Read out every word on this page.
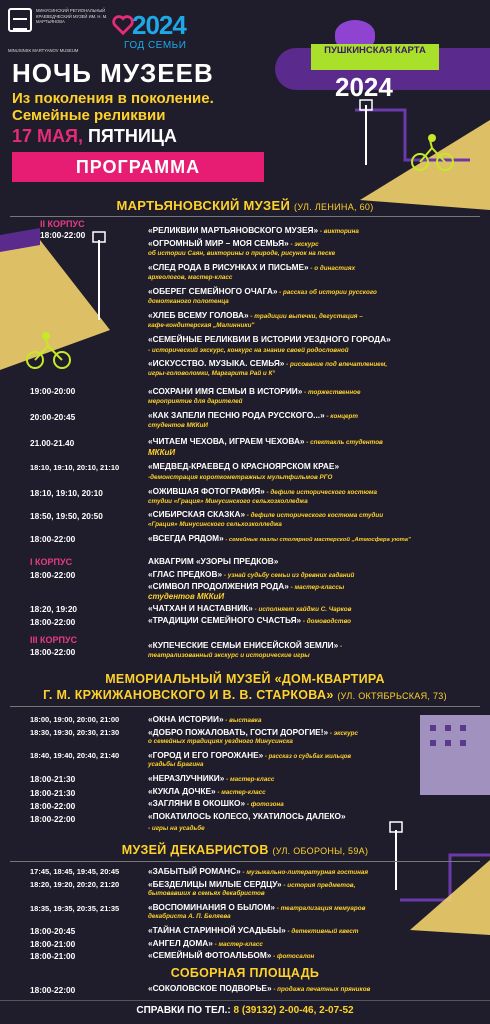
МИНУСИНСКИЙ РЕГИОНАЛЬНЫЙ КРАЕВЕДЧЕСКИЙ МУЗЕЙ ИМ. Н. М. МАРТЬЯНОВА
MINUSINSK MARTYANOV MUSEUM
2024
ГОД СЕМЬИ	ПУШКИНСКАЯ КАРТА
2024
НОЧЬ МУЗЕЕВ
Из поколения в поколение. Семейные реликвии
17 МАЯ, ПЯТНИЦА
ПРОГРАММА
МАРТЬЯНОВСКИЙ МУЗЕЙ (УЛ. ЛЕНИНА, 60)
II КОРПУС
18:00-22:00	«РЕЛИКВИИ МАРТЬЯНОВСКОГО МУЗЕЯ» - викторина
«ОГРОМНЫЙ МИР – МОЯ СЕМЬЯ» - экскурс
об истории Саян, викторины о природе, рисунок на песке
«СЛЕД РОДА В РИСУНКАХ И ПИСЬМЕ» - о династиях
археологов, мастер-класс
«ОБЕРЕГ СЕМЕЙНОГО ОЧАГА» - рассказ об истории русского
домотканого полотенца
«ХЛЕБ ВСЕМУ ГОЛОВА» - традиции выпечки, дегустация –
кафе-кондитерская „Малинники"
«СЕМЕЙНЫЕ РЕЛИКВИИ В ИСТОРИИ УЕЗДНОГО ГОРОДА»
- исторический экскурс, конкурс на знание своей родословной
«ИСКУССТВО. МУЗЫКА. СЕМЬЯ» - рисование под впечатлением,
игры-головоломки, Маргарита Рай и К°
19:00-20:00	«СОХРАНИ ИМЯ СЕМЬИ В ИСТОРИИ» - торжественное
мероприятие для дарителей
20:00-20:45	«КАК ЗАПЕЛИ ПЕСНЮ РОДА РУССКОГО...» - концерт
студентов МККиИ
21.00-21.40	«ЧИТАЕМ ЧЕХОВА, ИГРАЕМ ЧЕХОВА» - спектакль студентов
МККиИ
18:10, 19:10, 20:10, 21:10	«МЕДВЕД-КРАЕВЕД О КРАСНОЯРСКОМ КРАЕ»
-демонстрация короткометражных мультфильмов РГО
18:10, 19:10, 20:10	«ОЖИВШАЯ ФОТОГРАФИЯ» - дефиле исторического костюма
студии «Грация» Минусинского сельхозколледжа
18:50, 19:50, 20:50	«СИБИРСКАЯ СКАЗКА» - дефиле исторического костюма студии
«Грация» Минусинского сельхозколледжа
18:00-22:00	«ВСЕГДА РЯДОМ» - семейные пазлы столярной мастерской „Атмосфера уюта"
I КОРПУС	АКВАГРИМ «УЗОРЫ ПРЕДКОВ»
18:00-22:00	«ГЛАС ПРЕДКОВ» - узнай судьбу семьи из древних гаданий
«СИМВОЛ ПРОДОЛЖЕНИЯ РОДА» - мастер-классы
студентов МККиИ
18:20, 19:20	«ЧАТХАН И НАСТАВНИК» - исполняет хайджи С. Чарков
18:00-22:00	«ТРАДИЦИИ СЕМЕЙНОГО СЧАСТЬЯ» - домоводство
III КОРПУС
18:00-22:00
«КУПЕЧЕСКИЕ СЕМЬИ ЕНИСЕЙСКОЙ ЗЕМЛИ» -
театрализованный экскурс и исторические игры
МЕМОРИАЛЬНЫЙ МУЗЕЙ «ДОМ-КВАРТИРА
Г. М. КРЖИЖАНОВСКОГО И В. В. СТАРКОВА» (УЛ. ОКТЯБРЬСКАЯ, 73)
18:00, 19:00, 20:00, 21:00	«ОКНА ИСТОРИИ» - выставка
18:30, 19:30, 20:30, 21:30	«ДОБРО ПОЖАЛОВАТЬ, ГОСТИ ДОРОГИЕ!» - экскурс
о семейных традициях уездного Минусинска
18:40, 19:40, 20:40, 21:40	«ГОРОД И ЕГО ГОРОЖАНЕ» - рассказ о судьбах жильцов
усадьбы Брагина
18:00-21:30	«НЕРАЗЛУЧНИКИ» - мастер-класс
18:00-21:30	«КУКЛА ДОЧКЕ» - мастер-класс
18:00-22:00	«ЗАГЛЯНИ В ОКОШКО» - фотозона
18:00-22:00	«ПОКАТИЛОСЬ КОЛЕСО, УКАТИЛОСЬ ДАЛЕКО»
- игры на усадьбе
МУЗЕЙ ДЕКАБРИСТОВ (УЛ. ОБОРОНЫ, 59А)
17:45, 18:45, 19:45, 20:45	«ЗАБЫТЫЙ РОМАНС» - музыкально-литературная гостиная
18:20, 19:20, 20:20, 21:20	«БЕЗДЕЛИЦЫ МИЛЫЕ СЕРДЦУ» - история предметов,
бытовавших в семьях декабристов
18:35, 19:35, 20:35, 21:35	«ВОСПОМИНАНИЯ О БЫЛОМ» - театрализация мемуаров
декабриста А. П. Беляева
18:00-20:45	«ТАЙНА СТАРИННОЙ УСАДЬБЫ» - детективный квест
18:00-21:00	«АНГЕЛ ДОМА» - мастер-класс
18:00-21:00	«СЕМЕЙНЫЙ ФОТОАЛЬБОМ» - фотосалон
СОБОРНАЯ ПЛОЩАДЬ
18:00-22:00	«СОКОЛОВСКОЕ ПОДВОРЬЕ» - продажа печатных пряников
СПРАВКИ ПО ТЕЛ.: 8 (39132) 2-00-46, 2-07-52
